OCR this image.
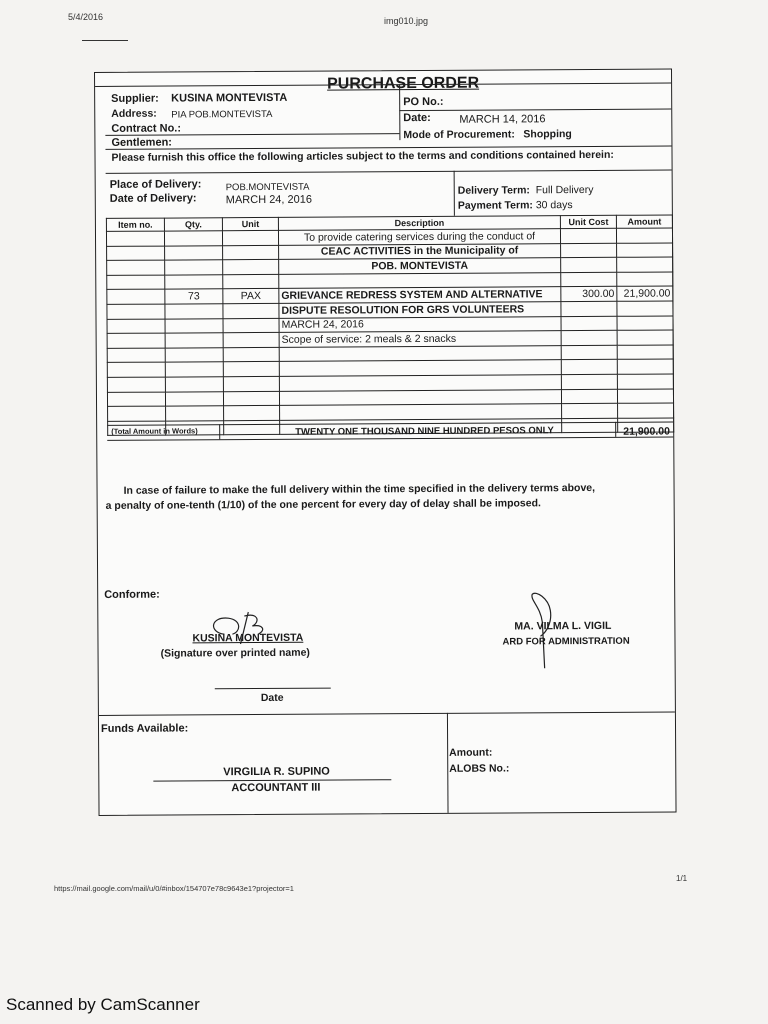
5/4/2016	img010.jpg
PURCHASE ORDER
Supplier: KUSINA MONTEVISTA
Address: PIA POB.MONTEVISTA
Contract No.:
PO No.:
Date:	MARCH 14, 2016
Mode of Procurement: Shopping
Gentlemen:
Please furnish this office the following articles subject to the terms and conditions contained herein:
Place of Delivery:	POB.MONTEVISTA
Date of Delivery:	MARCH 24, 2016
Delivery Term: Full Delivery
Payment Term: 30 days
Item no.	Qty.	Unit	Description	Unit Cost	Amount
			To provide catering services during the conduct of		
			CEAC ACTIVITIES in the Municipality of		
			POB. MONTEVISTA		

	73	PAX	GRIEVANCE REDRESS SYSTEM AND ALTERNATIVE	300.00	21,900.00
			DISPUTE RESOLUTION FOR GRS VOLUNTEERS		
			MARCH 24, 2016		
			Scope of service: 2 meals & 2 snacks		

(Total Amount in Words)	TWENTY ONE THOUSAND NINE HUNDRED PESOS ONLY	21,900.00
In case of failure to make the full delivery within the time specified in the delivery terms above,
a penalty of one-tenth (1/10) of the one percent for every day of delay shall be imposed.
Conforme:
KUSINA MONTEVISTA
(Signature over printed name)
Date
MA. VILMA L. VIGIL
ARD FOR ADMINISTRATION
Funds Available:
VIRGILIA R. SUPINO
ACCOUNTANT III
Amount:
ALOBS No.:
1/1
https://mail.google.com/mail/u/0/#inbox/154707e78c9643e1?projector=1
Scanned by CamScanner
